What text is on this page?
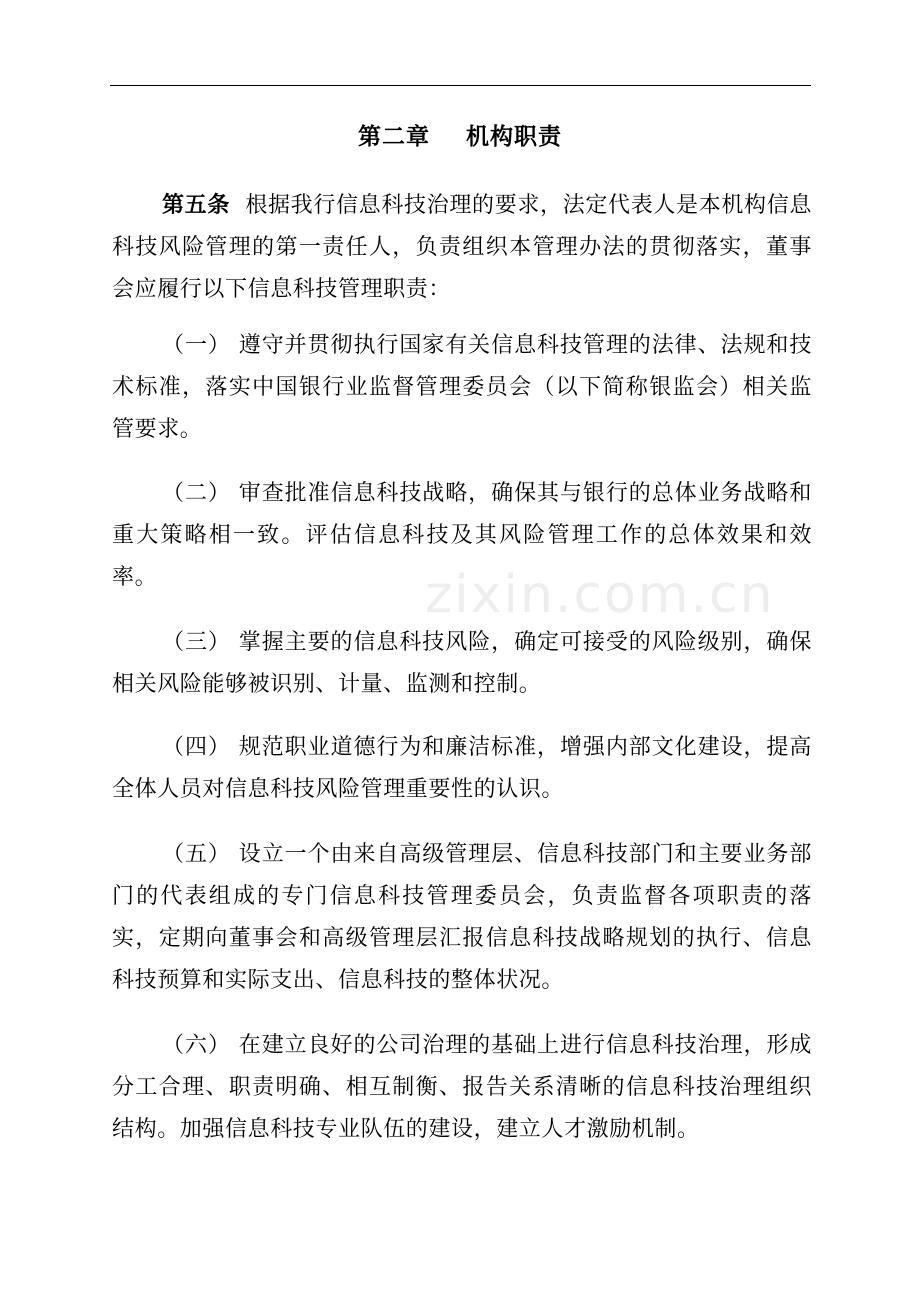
第二章    机构职责
第五条 根据我行信息科技治理的要求，法定代表人是本机构信息科技风险管理的第一责任人，负责组织本管理办法的贯彻落实，董事会应履行以下信息科技管理职责：
（一） 遵守并贯彻执行国家有关信息科技管理的法律、法规和技术标准，落实中国银行业监督管理委员会（以下简称银监会）相关监管要求。
（二） 审查批准信息科技战略，确保其与银行的总体业务战略和重大策略相一致。评估信息科技及其风险管理工作的总体效果和效率。
（三） 掌握主要的信息科技风险，确定可接受的风险级别，确保相关风险能够被识别、计量、监测和控制。
（四） 规范职业道德行为和廉洁标准，增强内部文化建设，提高全体人员对信息科技风险管理重要性的认识。
（五） 设立一个由来自高级管理层、信息科技部门和主要业务部门的代表组成的专门信息科技管理委员会，负责监督各项职责的落实，定期向董事会和高级管理层汇报信息科技战略规划的执行、信息科技预算和实际支出、信息科技的整体状况。
（六） 在建立良好的公司治理的基础上进行信息科技治理，形成分工合理、职责明确、相互制衡、报告关系清晰的信息科技治理组织结构。加强信息科技专业队伍的建设，建立人才激励机制。
zixin.com.cn
